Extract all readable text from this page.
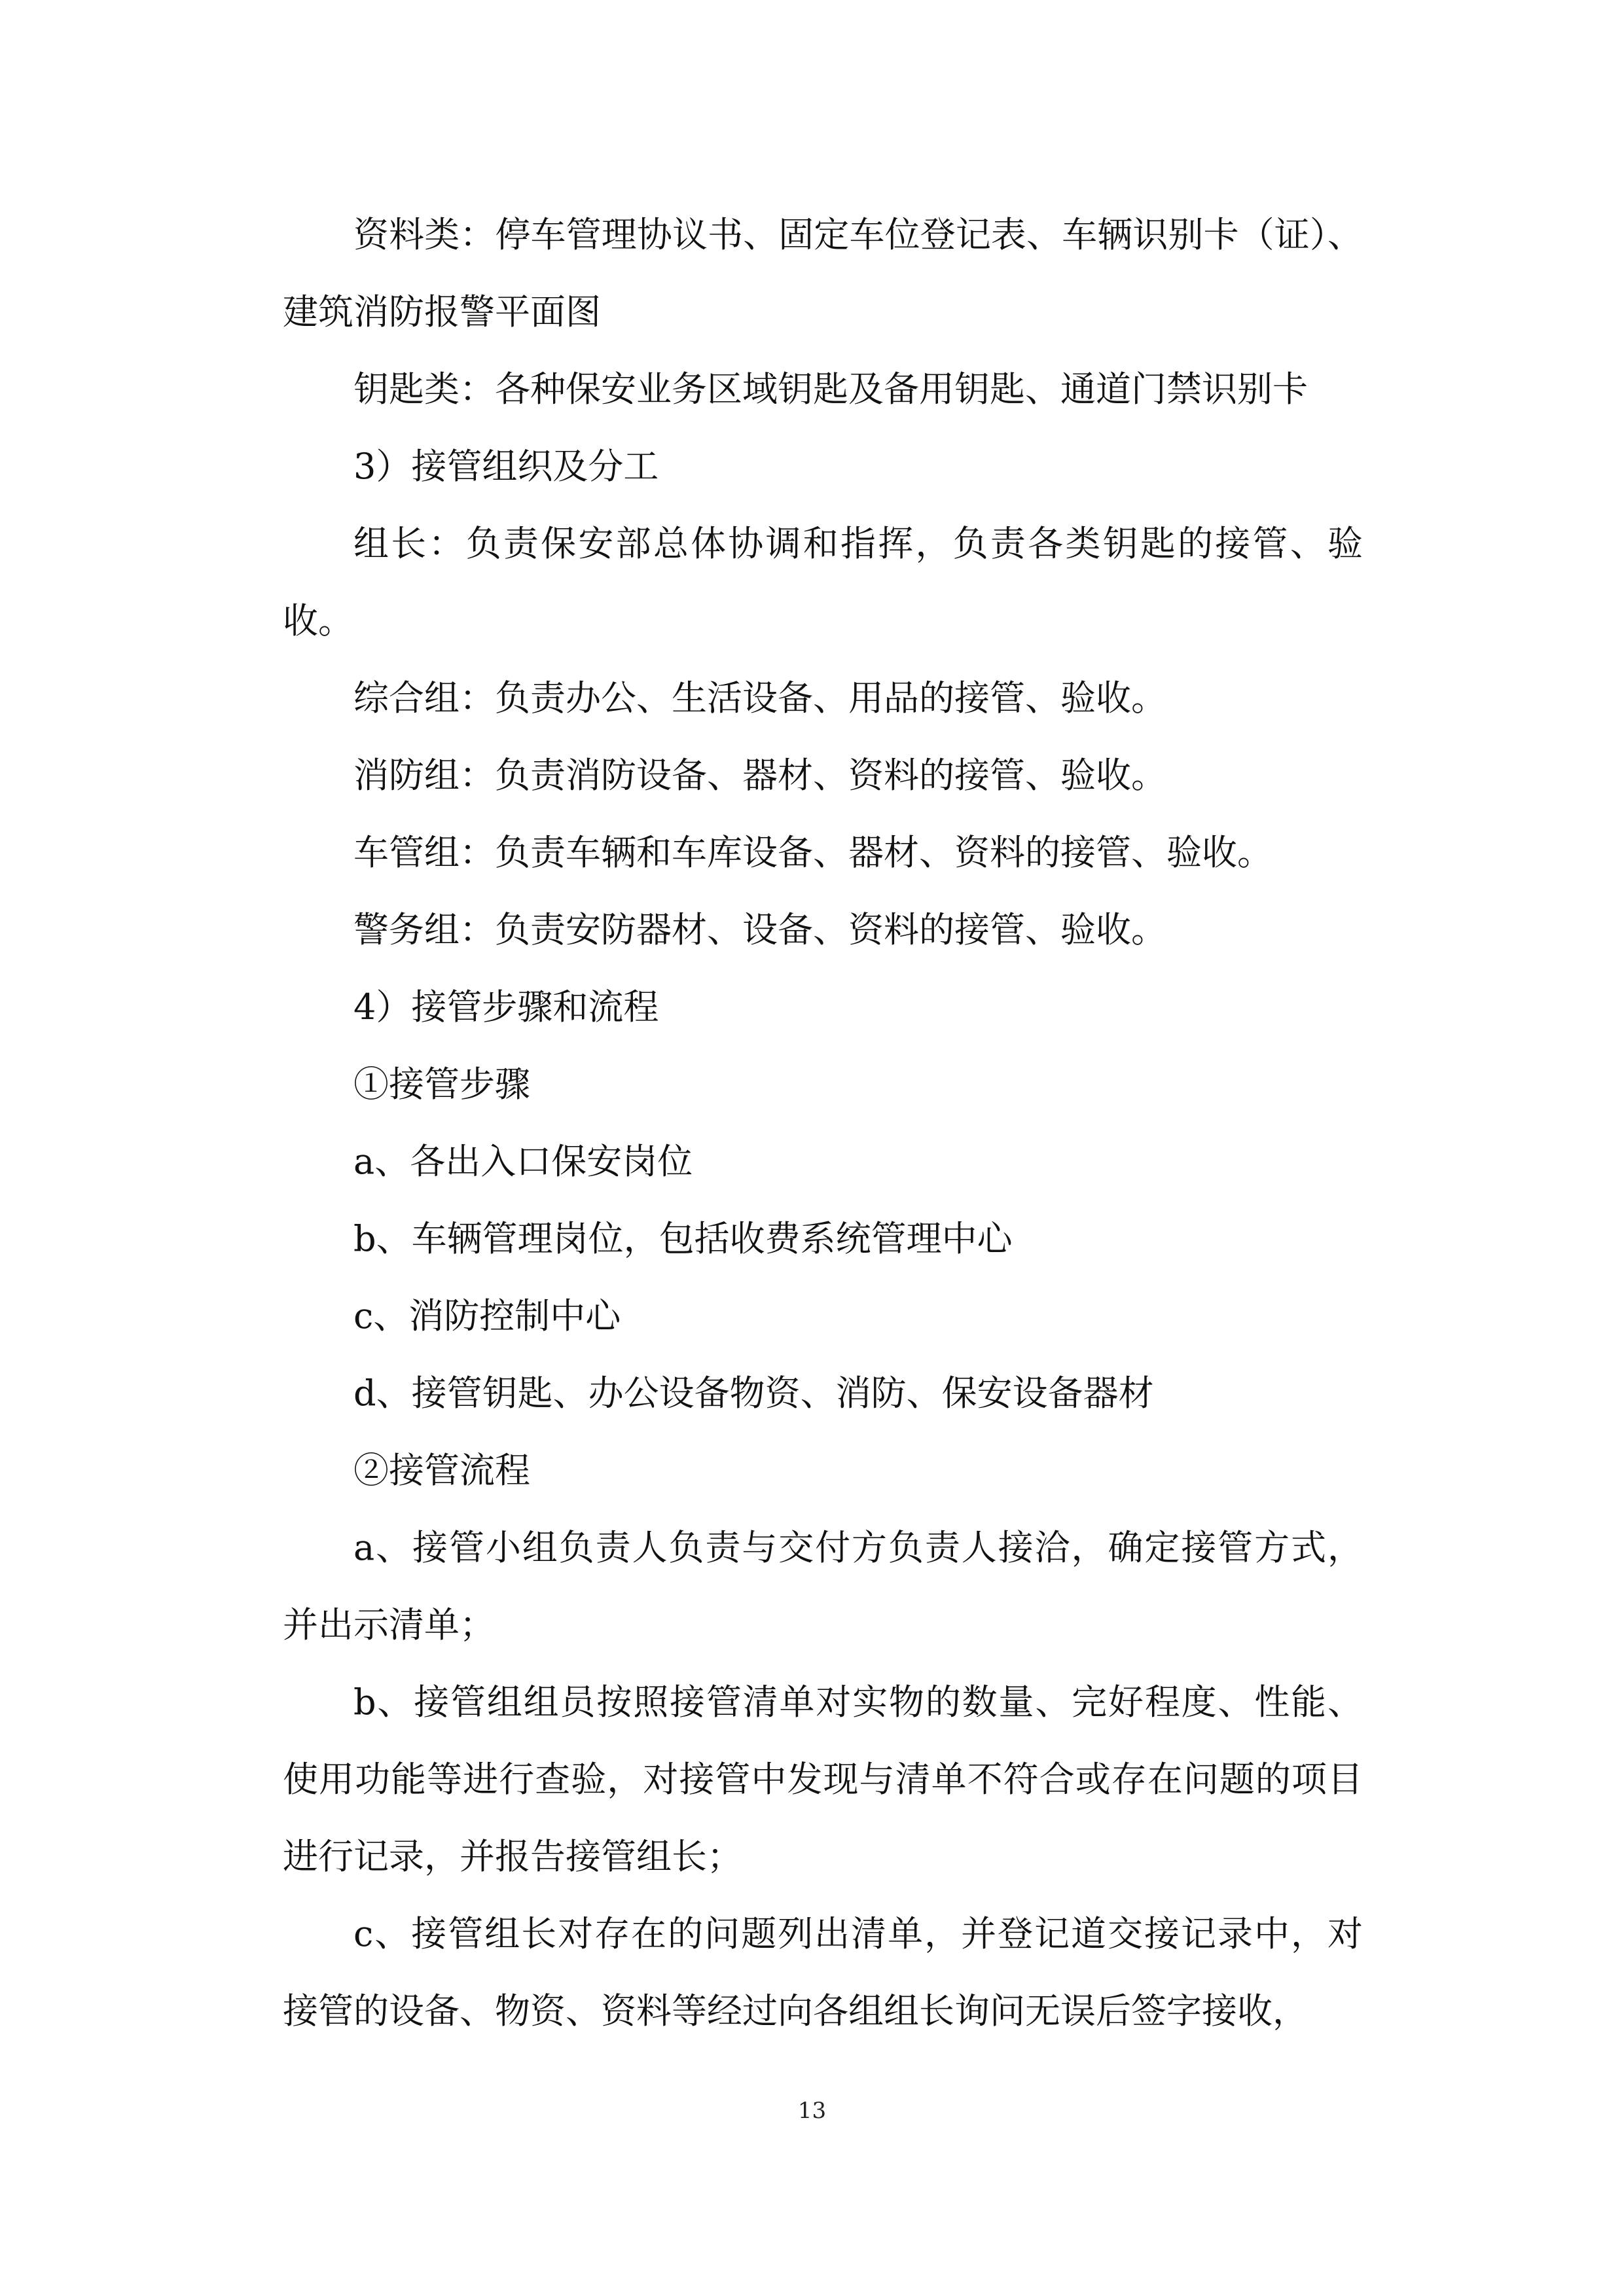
资料类：停车管理协议书、固定车位登记表、车辆识别卡（证）、建筑消防报警平面图

钥匙类：各种保安业务区域钥匙及备用钥匙、通道门禁识别卡

3）接管组织及分工

组长：负责保安部总体协调和指挥，负责各类钥匙的接管、验收。

综合组：负责办公、生活设备、用品的接管、验收。

消防组：负责消防设备、器材、资料的接管、验收。

车管组：负责车辆和车库设备、器材、资料的接管、验收。

警务组：负责安防器材、设备、资料的接管、验收。

4）接管步骤和流程

①接管步骤

a、各出入口保安岗位

b、车辆管理岗位，包括收费系统管理中心

c、消防控制中心

d、接管钥匙、办公设备物资、消防、保安设备器材

②接管流程

a、接管小组负责人负责与交付方负责人接洽，确定接管方式，并出示清单；

b、接管组组员按照接管清单对实物的数量、完好程度、性能、使用功能等进行查验，对接管中发现与清单不符合或存在问题的项目进行记录，并报告接管组长；

c、接管组长对存在的问题列出清单，并登记道交接记录中，对接管的设备、物资、资料等经过向各组组长询问无误后签字接收，

13
